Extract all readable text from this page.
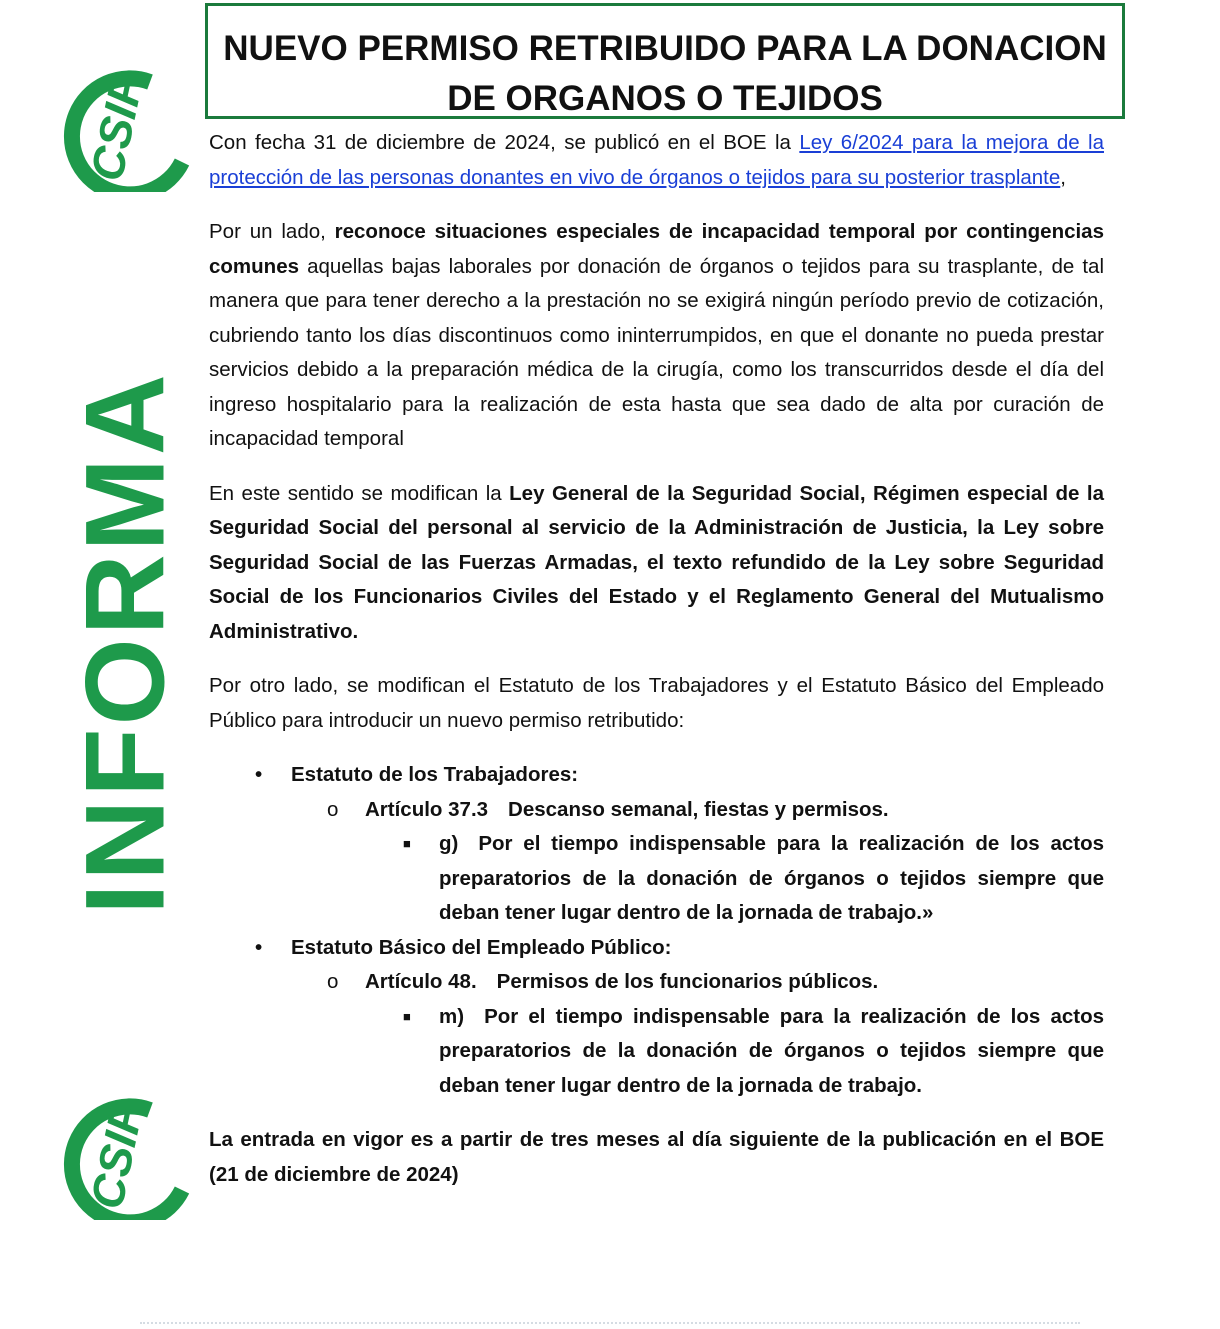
NUEVO PERMISO RETRIBUIDO PARA LA DONACION
DE ORGANOS O TEJIDOS
CSIF
INFORMA
CSIF

Con fecha 31 de diciembre de 2024, se publicó en el BOE la Ley 6/2024 para la mejora de la protección de las personas donantes en vivo de órganos o tejidos para su posterior trasplante,

Por un lado, reconoce situaciones especiales de incapacidad temporal por contingencias comunes aquellas bajas laborales por donación de órganos o tejidos para su trasplante, de tal manera que para tener derecho a la prestación no se exigirá ningún período previo de cotización, cubriendo tanto los días discontinuos como ininterrumpidos, en que el donante no pueda prestar servicios debido a la preparación médica de la cirugía, como los transcurridos desde el día del ingreso hospitalario para la realización de esta hasta que sea dado de alta por curación de incapacidad temporal

En este sentido se modifican la Ley General de la Seguridad Social, Régimen especial de la Seguridad Social del personal al servicio de la Administración de Justicia, la Ley sobre Seguridad Social de las Fuerzas Armadas, el texto refundido de la Ley sobre Seguridad Social de los Funcionarios Civiles del Estado y el Reglamento General del Mutualismo Administrativo.

Por otro lado, se modifican el Estatuto de los Trabajadores y el Estatuto Básico del Empleado Público para introducir un nuevo permiso retributido:

• Estatuto de los Trabajadores:
o Artículo 37.3 Descanso semanal, fiestas y permisos.
■ g) Por el tiempo indispensable para la realización de los actos preparatorios de la donación de órganos o tejidos siempre que deban tener lugar dentro de la jornada de trabajo.»
• Estatuto Básico del Empleado Público:
o Artículo 48. Permisos de los funcionarios públicos.
■ m) Por el tiempo indispensable para la realización de los actos preparatorios de la donación de órganos o tejidos siempre que deban tener lugar dentro de la jornada de trabajo.

La entrada en vigor es a partir de tres meses al día siguiente de la publicación en el BOE (21 de diciembre de 2024)
